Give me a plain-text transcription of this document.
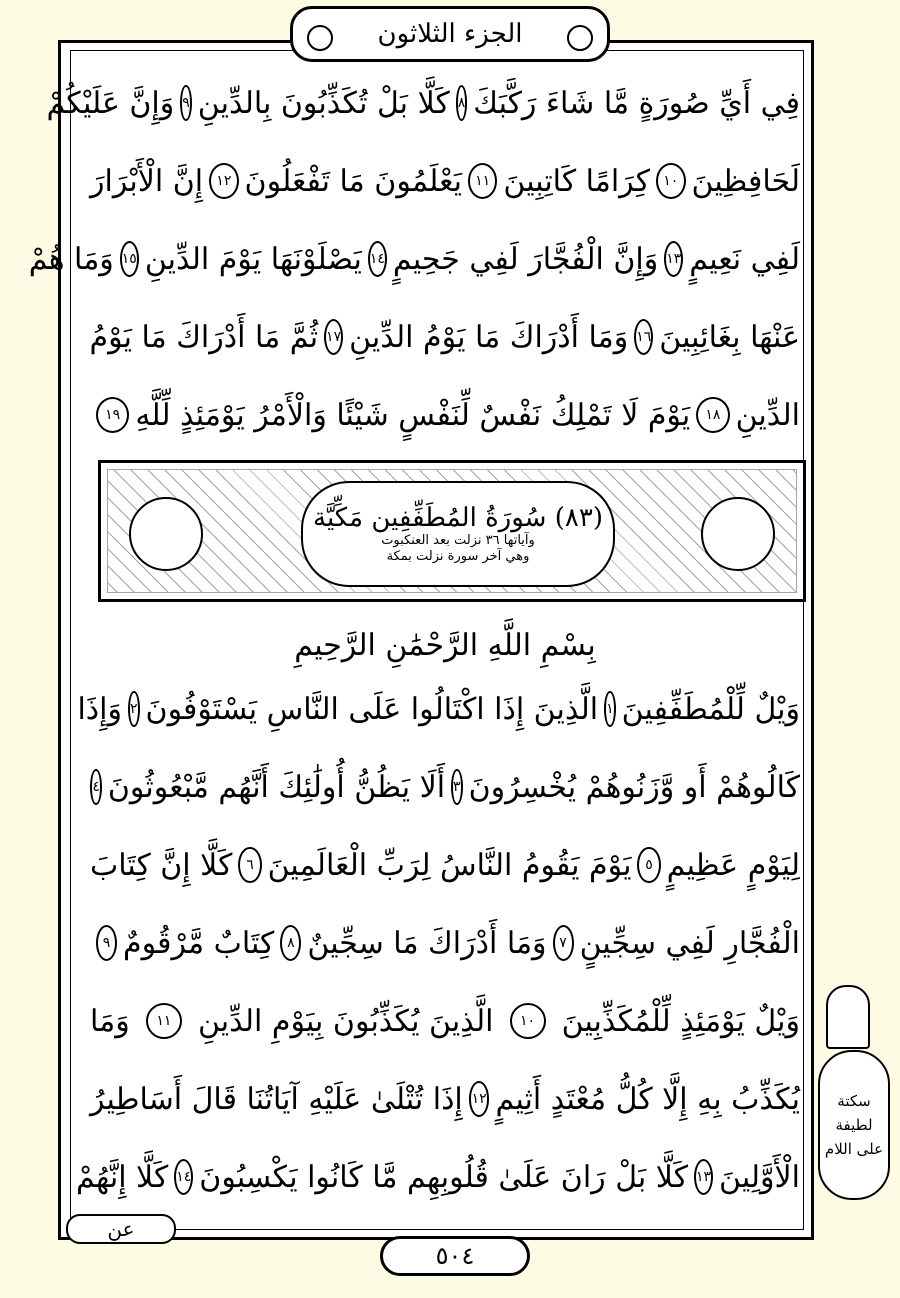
الجزء الثلاثون
فِي أَيِّ صُورَةٍ مَّا شَاءَ رَكَّبَكَ
٨
كَلَّا بَلْ تُكَذِّبُونَ بِالدِّينِ
٩
وَإِنَّ عَلَيْكُمْ
لَحَافِظِينَ
١٠
كِرَامًا كَاتِبِينَ
١١
يَعْلَمُونَ مَا تَفْعَلُونَ
١٢
إِنَّ الْأَبْرَارَ
لَفِي نَعِيمٍ
١٣
وَإِنَّ الْفُجَّارَ لَفِي جَحِيمٍ
١٤
يَصْلَوْنَهَا يَوْمَ الدِّينِ
١٥
وَمَا هُمْ
عَنْهَا بِغَائِبِينَ
١٦
وَمَا أَدْرَاكَ مَا يَوْمُ الدِّينِ
١٧
ثُمَّ مَا أَدْرَاكَ مَا يَوْمُ
الدِّينِ
١٨
يَوْمَ لَا تَمْلِكُ نَفْسٌ لِّنَفْسٍ شَيْئًا وَالْأَمْرُ يَوْمَئِذٍ لِّلَّهِ
١٩
(٨٣) سُورَةُ المُطَفِّفِين مَكِّيَّة
وآياتها ٣٦ نزلت بعد العنكبوت
وهي آخر سورة نزلت بمكة
بِسْمِ اللَّهِ الرَّحْمَٰنِ الرَّحِيمِ
وَيْلٌ لِّلْمُطَفِّفِينَ
١
الَّذِينَ إِذَا اكْتَالُوا عَلَى النَّاسِ يَسْتَوْفُونَ
٢
وَإِذَا
كَالُوهُمْ أَو وَّزَنُوهُمْ يُخْسِرُونَ
٣
أَلَا يَظُنُّ أُولَٰئِكَ أَنَّهُم مَّبْعُوثُونَ
٤
لِيَوْمٍ عَظِيمٍ
٥
يَوْمَ يَقُومُ النَّاسُ لِرَبِّ الْعَالَمِينَ
٦
كَلَّا إِنَّ كِتَابَ
الْفُجَّارِ لَفِي سِجِّينٍ
٧
وَمَا أَدْرَاكَ مَا سِجِّينٌ
٨
كِتَابٌ مَّرْقُومٌ
٩
وَيْلٌ يَوْمَئِذٍ لِّلْمُكَذِّبِينَ
١٠
الَّذِينَ يُكَذِّبُونَ بِيَوْمِ الدِّينِ
١١
وَمَا
يُكَذِّبُ بِهِ إِلَّا كُلُّ مُعْتَدٍ أَثِيمٍ
١٢
إِذَا تُتْلَىٰ عَلَيْهِ آيَاتُنَا قَالَ أَسَاطِيرُ
الْأَوَّلِينَ
١٣
كَلَّا بَلْ رَانَ عَلَىٰ قُلُوبِهِم مَّا كَانُوا يَكْسِبُونَ
١٤
كَلَّا إِنَّهُمْ
سكتة
لطيفة
على اللام
عن
٥٠٤
